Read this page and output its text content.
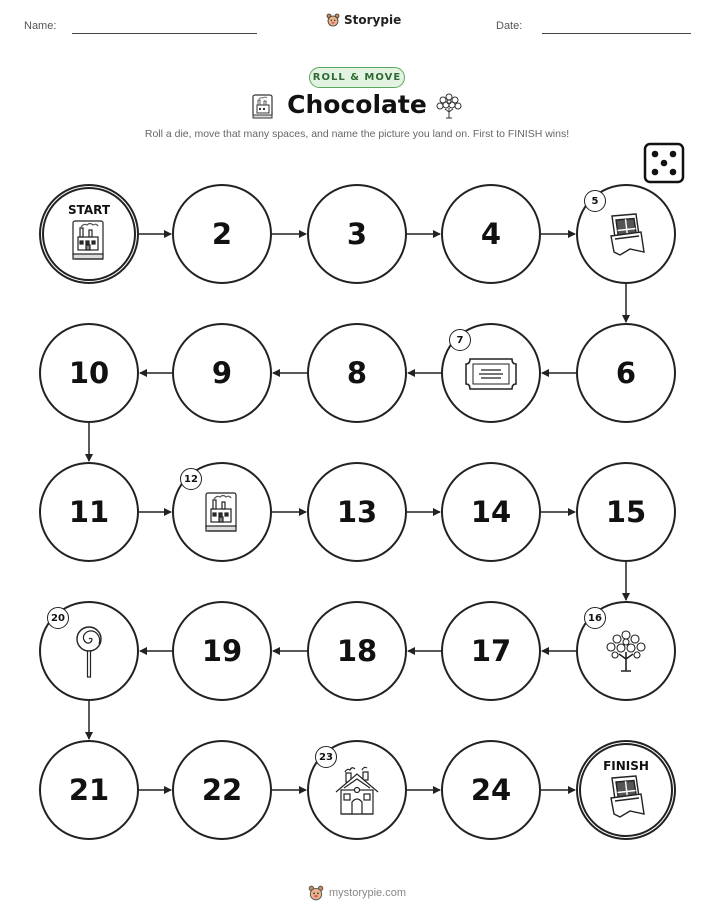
Name:	Storypie	Date:
ROLL & MOVE
Chocolate
Roll a die, move that many spaces, and name the picture you land on. First to FINISH wins!
START
2	3	4
5
6
7
8
9
10
11
12
13	14	15
16
17
18
19
20
21	22
23
24
FINISH
mystorypie.com
